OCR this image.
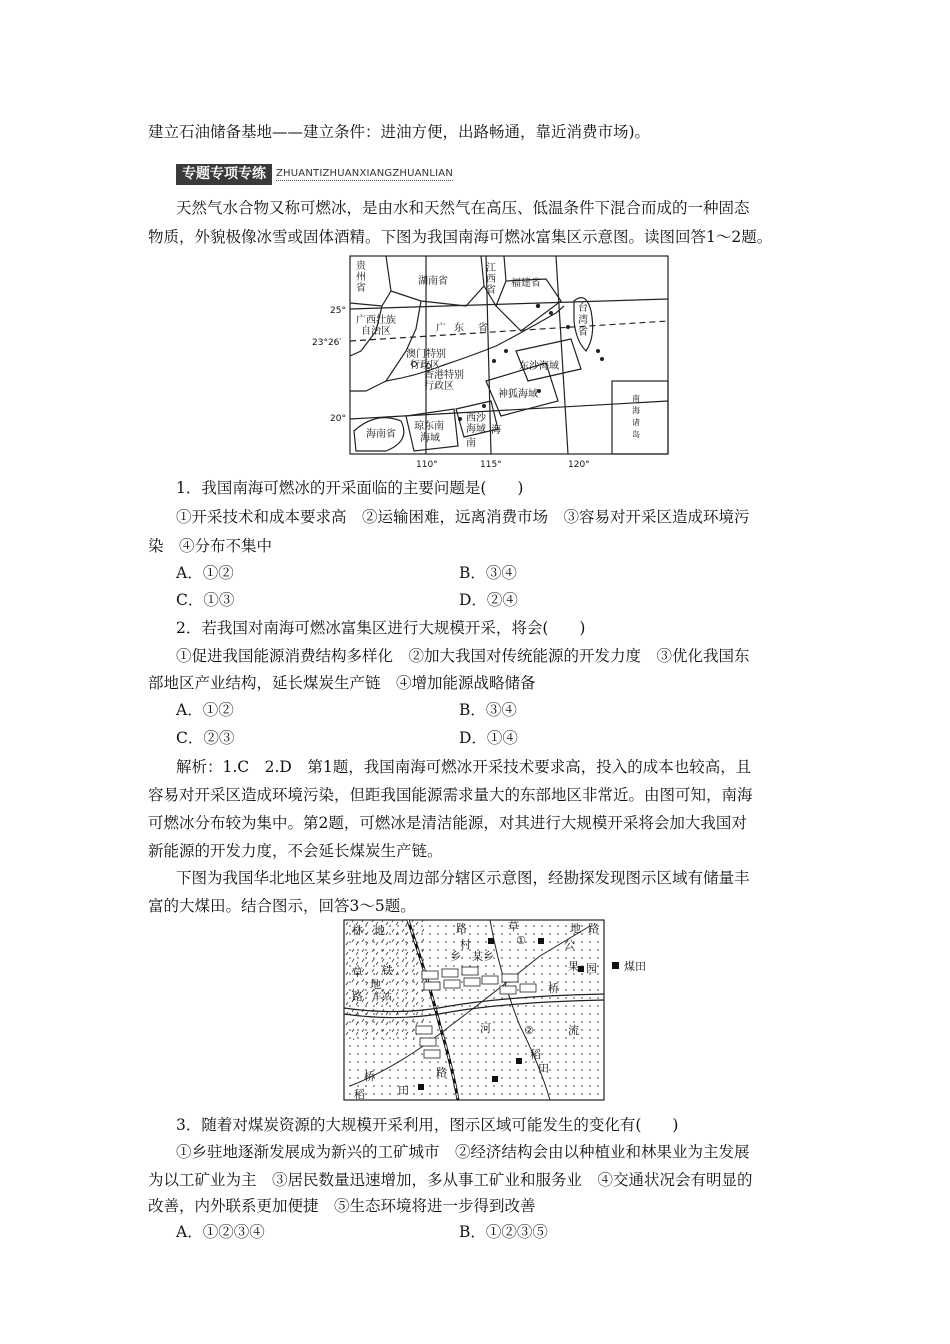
建立石油储备基地——建立条件：进油方便，出路畅通，靠近消费市场)。
专题专项专练	ZHUANTIZHUANXIANGZHUANLIAN
天然气水合物又称可燃冰，是由水和天然气在高压、低温条件下混合而成的一种固态
物质，外貌极像冰雪或固体酒精。下图为我国南海可燃冰富集区示意图。读图回答1～2题。
贵
州
省
湖南省
江
西
省
福建省
台
湾
省
广西壮族
自治区	广 东 省
澳门特别
行政区
香港特别
行政区
东沙海域
神狐海域
西沙
海域
琼东南
海域
海南省
南
海
南
海
诸
岛
25°
23°26′
20°
110°	115°	120°
1．我国南海可燃冰的开采面临的主要问题是(　　)
①开采技术和成本要求高　②运输困难，远离消费市场　③容易对开采区造成环境污
染　④分布不集中
A．①②	B．③④
C．①③	D．②④
2．若我国对南海可燃冰富集区进行大规模开采，将会(　　)
①促进我国能源消费结构多样化　②加大我国对传统能源的开发力度　③优化我国东
部地区产业结构，延长煤炭生产链　④增加能源战略储备
A．①②	B．③④
C．②③	D．①④
解析：1.C　2.D　第1题，我国南海可燃冰开采技术要求高，投入的成本也较高，且
容易对开采区造成环境污染，但距我国能源需求量大的东部地区非常近。由图可知，南海
可燃冰分布较为集中。第2题，可燃冰是清洁能源，对其进行大规模开采将会加大我国对
新能源的开发力度，不会延长煤炭生产链。
下图为我国华北地区某乡驻地及周边部分辖区示意图，经勘探发现图示区域有储量丰
富的大煤田。结合图示，回答3～5题。
林 地	路
村
草	地 路
①	公
乡 某乡
草
地
铁	果 园
车站
路
桥
河	②	流
桥
田
路
稻
田
稻
煤田
3．随着对煤炭资源的大规模开采利用，图示区域可能发生的变化有(　　)
①乡驻地逐渐发展成为新兴的工矿城市　②经济结构会由以种植业和林果业为主发展
为以工矿业为主　③居民数量迅速增加，多从事工矿业和服务业　④交通状况会有明显的
改善，内外联系更加便捷　⑤生态环境将进一步得到改善
A．①②③④	B．①②③⑤
